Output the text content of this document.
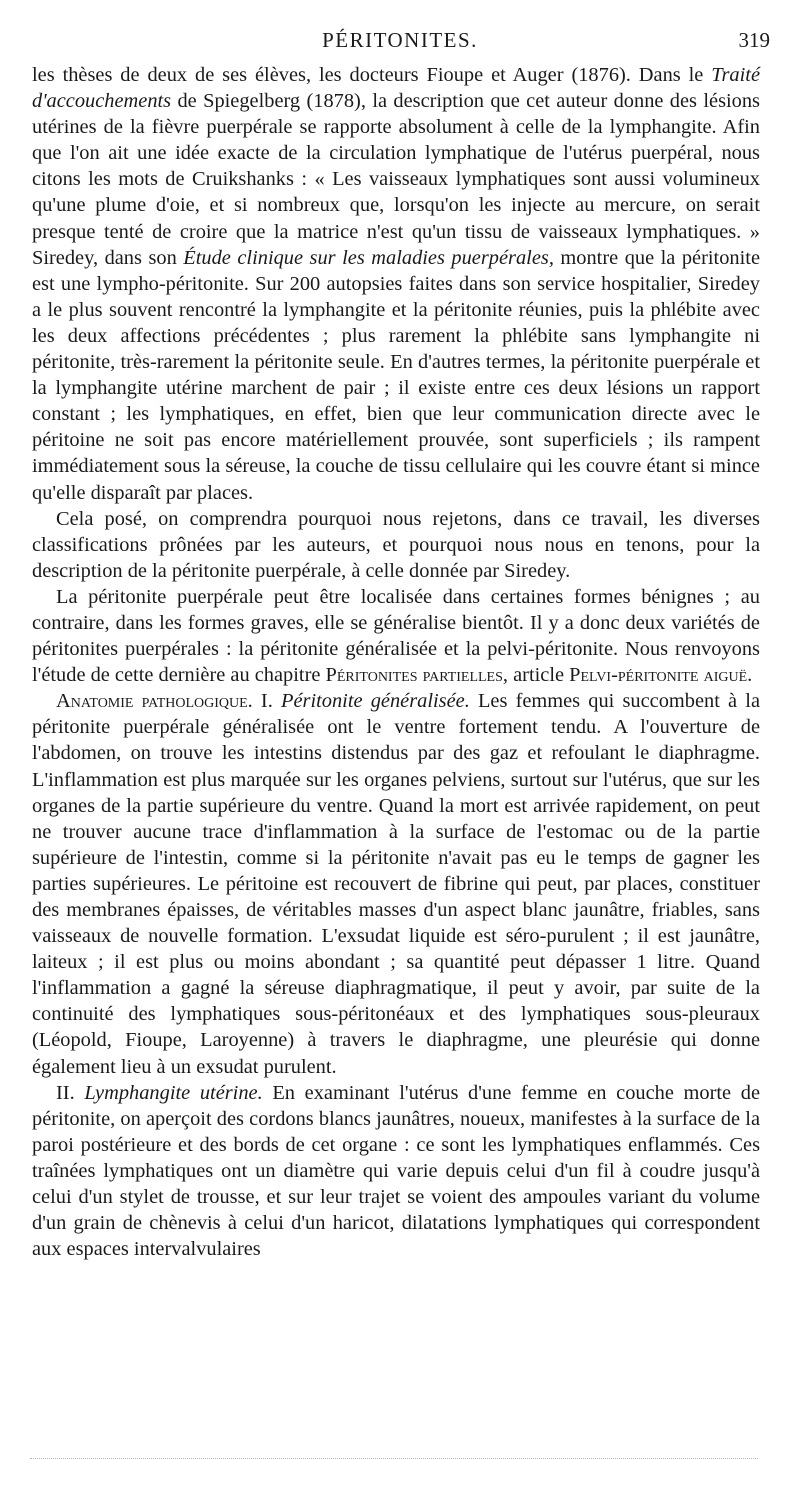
PÉRITONITES.	319

les thèses de deux de ses élèves, les docteurs Fioupe et Auger (1876). Dans le Traité d'accouchements de Spiegelberg (1878), la description que cet auteur donne des lésions utérines de la fièvre puerpérale se rapporte absolument à celle de la lymphangite. Afin que l'on ait une idée exacte de la circulation lymphatique de l'utérus puerpéral, nous citons les mots de Cruikshanks : « Les vaisseaux lymphatiques sont aussi volumineux qu'une plume d'oie, et si nombreux que, lorsqu'on les injecte au mercure, on serait presque tenté de croire que la matrice n'est qu'un tissu de vaisseaux lymphatiques. » Siredey, dans son Étude clinique sur les maladies puerpérales, montre que la péritonite est une lympho-péritonite. Sur 200 autopsies faites dans son service hospitalier, Siredey a le plus souvent rencontré la lymphangite et la péritonite réunies, puis la phlébite avec les deux affections précédentes ; plus rarement la phlébite sans lymphangite ni péritonite, très-rarement la péritonite seule. En d'autres termes, la péritonite puerpérale et la lymphangite utérine marchent de pair ; il existe entre ces deux lésions un rapport constant ; les lymphatiques, en effet, bien que leur communication directe avec le péritoine ne soit pas encore matériellement prouvée, sont superficiels ; ils rampent immédiatement sous la séreuse, la couche de tissu cellulaire qui les couvre étant si mince qu'elle disparaît par places.

Cela posé, on comprendra pourquoi nous rejetons, dans ce travail, les diverses classifications prônées par les auteurs, et pourquoi nous nous en tenons, pour la description de la péritonite puerpérale, à celle donnée par Siredey.

La péritonite puerpérale peut être localisée dans certaines formes bénignes ; au contraire, dans les formes graves, elle se généralise bientôt. Il y a donc deux variétés de péritonites puerpérales : la péritonite généralisée et la pelvi-péritonite. Nous renvoyons l'étude de cette dernière au chapitre Péritonites partielles, article Pelvi-péritonite aiguë.

Anatomie pathologique. I. Péritonite généralisée. Les femmes qui succombent à la péritonite puerpérale généralisée ont le ventre fortement tendu. A l'ouverture de l'abdomen, on trouve les intestins distendus par des gaz et refoulant le diaphragme. L'inflammation est plus marquée sur les organes pelviens, surtout sur l'utérus, que sur les organes de la partie supérieure du ventre. Quand la mort est arrivée rapidement, on peut ne trouver aucune trace d'inflammation à la surface de l'estomac ou de la partie supérieure de l'intestin, comme si la péritonite n'avait pas eu le temps de gagner les parties supérieures. Le péritoine est recouvert de fibrine qui peut, par places, constituer des membranes épaisses, de véritables masses d'un aspect blanc jaunâtre, friables, sans vaisseaux de nouvelle formation. L'exsudat liquide est séro-purulent ; il est jaunâtre, laiteux ; il est plus ou moins abondant ; sa quantité peut dépasser 1 litre. Quand l'inflammation a gagné la séreuse diaphragmatique, il peut y avoir, par suite de la continuité des lymphatiques sous-péritonéaux et des lymphatiques sous-pleuraux (Léopold, Fioupe, Laroyenne) à travers le diaphragme, une pleurésie qui donne également lieu à un exsudat purulent.

II. Lymphangite utérine. En examinant l'utérus d'une femme en couche morte de péritonite, on aperçoit des cordons blancs jaunâtres, noueux, manifestes à la surface de la paroi postérieure et des bords de cet organe : ce sont les lymphatiques enflammés. Ces traînées lymphatiques ont un diamètre qui varie depuis celui d'un fil à coudre jusqu'à celui d'un stylet de trousse, et sur leur trajet se voient des ampoules variant du volume d'un grain de chènevis à celui d'un haricot, dilatations lymphatiques qui correspondent aux espaces intervalvulaires
